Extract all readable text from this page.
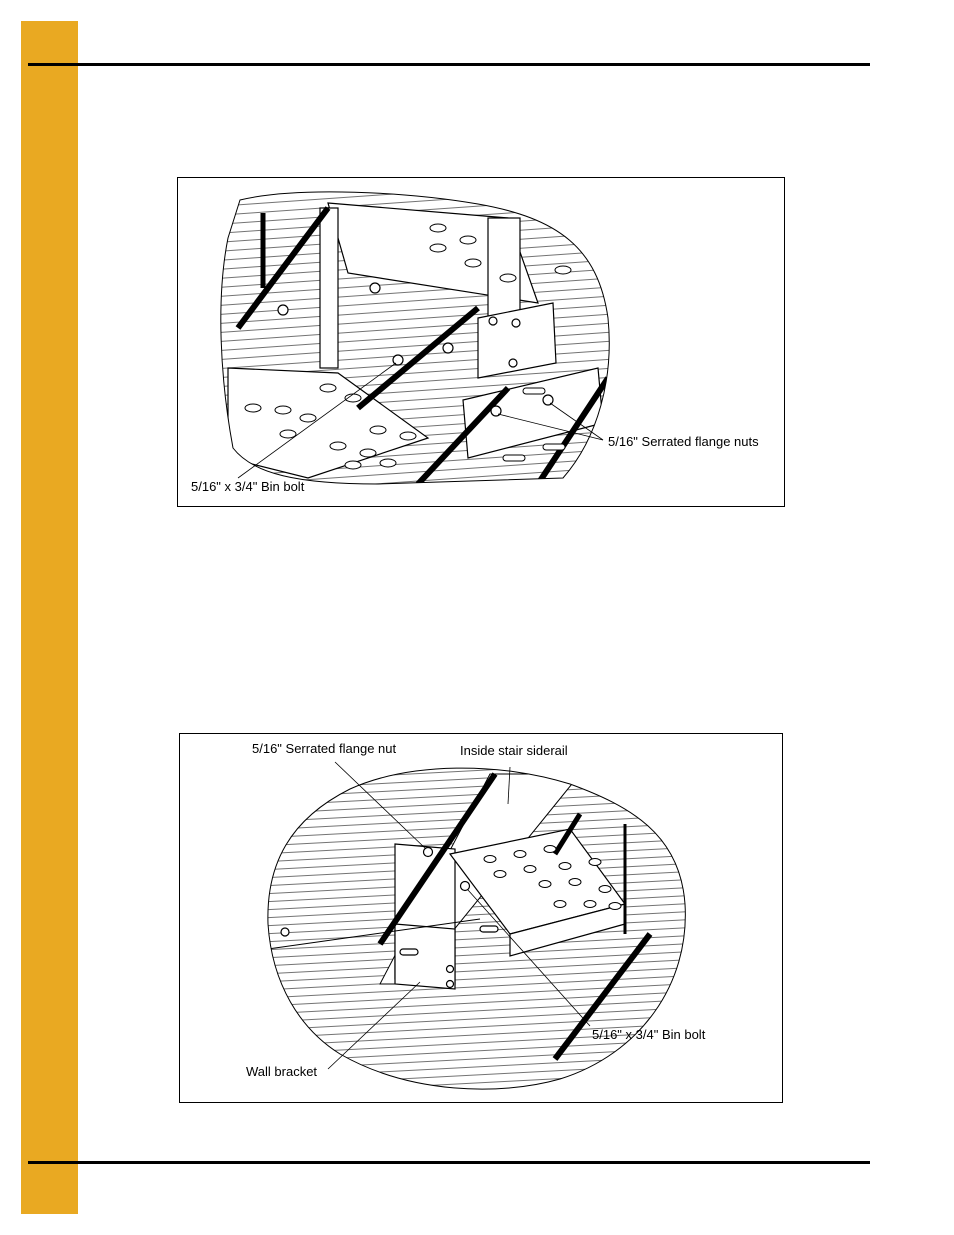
5/16" Serrated flange nuts
5/16" x 3/4" Bin bolt
5/16" Serrated flange nut	Inside stair siderail
5/16" x 3/4" Bin bolt
Wall bracket
